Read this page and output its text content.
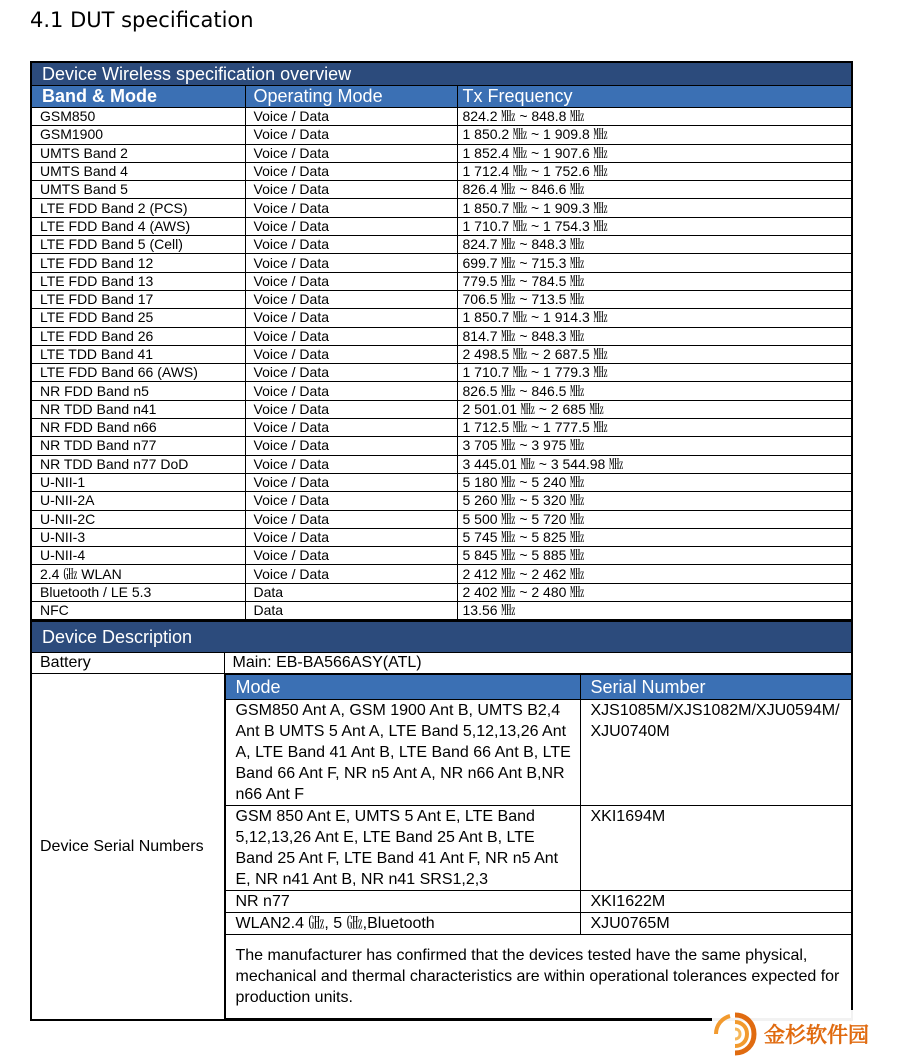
4.1 DUT specification
Device Wireless specification overview		
Band & Mode	Operating Mode	Tx Frequency
GSM850	Voice / Data	824.2 ㎒ ~ 848.8 ㎒
GSM1900	Voice / Data	1 850.2 ㎒ ~ 1 909.8 ㎒
UMTS Band 2	Voice / Data	1 852.4 ㎒ ~ 1 907.6 ㎒
UMTS Band 4	Voice / Data	1 712.4 ㎒ ~ 1 752.6 ㎒
UMTS Band 5	Voice / Data	826.4 ㎒ ~ 846.6 ㎒
LTE FDD Band 2 (PCS)	Voice / Data	1 850.7 ㎒ ~ 1 909.3 ㎒
LTE FDD Band 4 (AWS)	Voice / Data	1 710.7 ㎒ ~ 1 754.3 ㎒
LTE FDD Band 5 (Cell)	Voice / Data	824.7 ㎒ ~ 848.3 ㎒
LTE FDD Band 12	Voice / Data	699.7 ㎒ ~ 715.3 ㎒
LTE FDD Band 13	Voice / Data	779.5 ㎒ ~ 784.5 ㎒
LTE FDD Band 17	Voice / Data	706.5 ㎒ ~ 713.5 ㎒
LTE FDD Band 25	Voice / Data	1 850.7 ㎒ ~ 1 914.3 ㎒
LTE FDD Band 26	Voice / Data	814.7 ㎒ ~ 848.3 ㎒
LTE TDD Band 41	Voice / Data	2 498.5 ㎒ ~ 2 687.5 ㎒
LTE FDD Band 66 (AWS)	Voice / Data	1 710.7 ㎒ ~ 1 779.3 ㎒
NR FDD Band n5	Voice / Data	826.5 ㎒ ~ 846.5 ㎒
NR TDD Band n41	Voice / Data	2 501.01 ㎒ ~ 2 685 ㎒
NR FDD Band n66	Voice / Data	1 712.5 ㎒ ~ 1 777.5 ㎒
NR TDD Band n77	Voice / Data	3 705 ㎒ ~ 3 975 ㎒
NR TDD Band n77 DoD	Voice / Data	3 445.01 ㎒ ~ 3 544.98 ㎒
U-NII-1	Voice / Data	5 180 ㎒ ~ 5 240 ㎒
U-NII-2A	Voice / Data	5 260 ㎒ ~ 5 320 ㎒
U-NII-2C	Voice / Data	5 500 ㎒ ~ 5 720 ㎒
U-NII-3	Voice / Data	5 745 ㎒ ~ 5 825 ㎒
U-NII-4	Voice / Data	5 845 ㎒ ~ 5 885 ㎒
2.4 ㎓ WLAN	Voice / Data	2 412 ㎒ ~ 2 462 ㎒
Bluetooth / LE 5.3	Data	2 402 ㎒ ~ 2 480 ㎒
NFC	Data	13.56 ㎒
Device Description
Battery	Main: EB-BA566ASY(ATL)
Device Serial Numbers	
Mode	Serial Number
GSM850 Ant A, GSM 1900 Ant B, UMTS B2,4 Ant B UMTS 5 Ant A, LTE Band 5,12,13,26 Ant A, LTE Band 41 Ant B, LTE Band 66 Ant B, LTE Band 66 Ant F, NR n5 Ant A, NR n66 Ant B,NR n66 Ant F	XJS1085M/XJS1082M/XJU0594M/ XJU0740M
GSM 850 Ant E, UMTS 5 Ant E, LTE Band 5,12,13,26 Ant E, LTE Band 25 Ant B, LTE Band 25 Ant F, LTE Band 41 Ant F, NR n5 Ant E, NR n41 Ant B, NR n41 SRS1,2,3	XKI1694M
NR n77	XKI1622M
WLAN2.4 ㎓, 5 ㎓,Bluetooth	XJU0765M
The manufacturer has confirmed that the devices tested have the same physical, mechanical and thermal characteristics are within operational tolerances expected for production units.
金杉软件园
